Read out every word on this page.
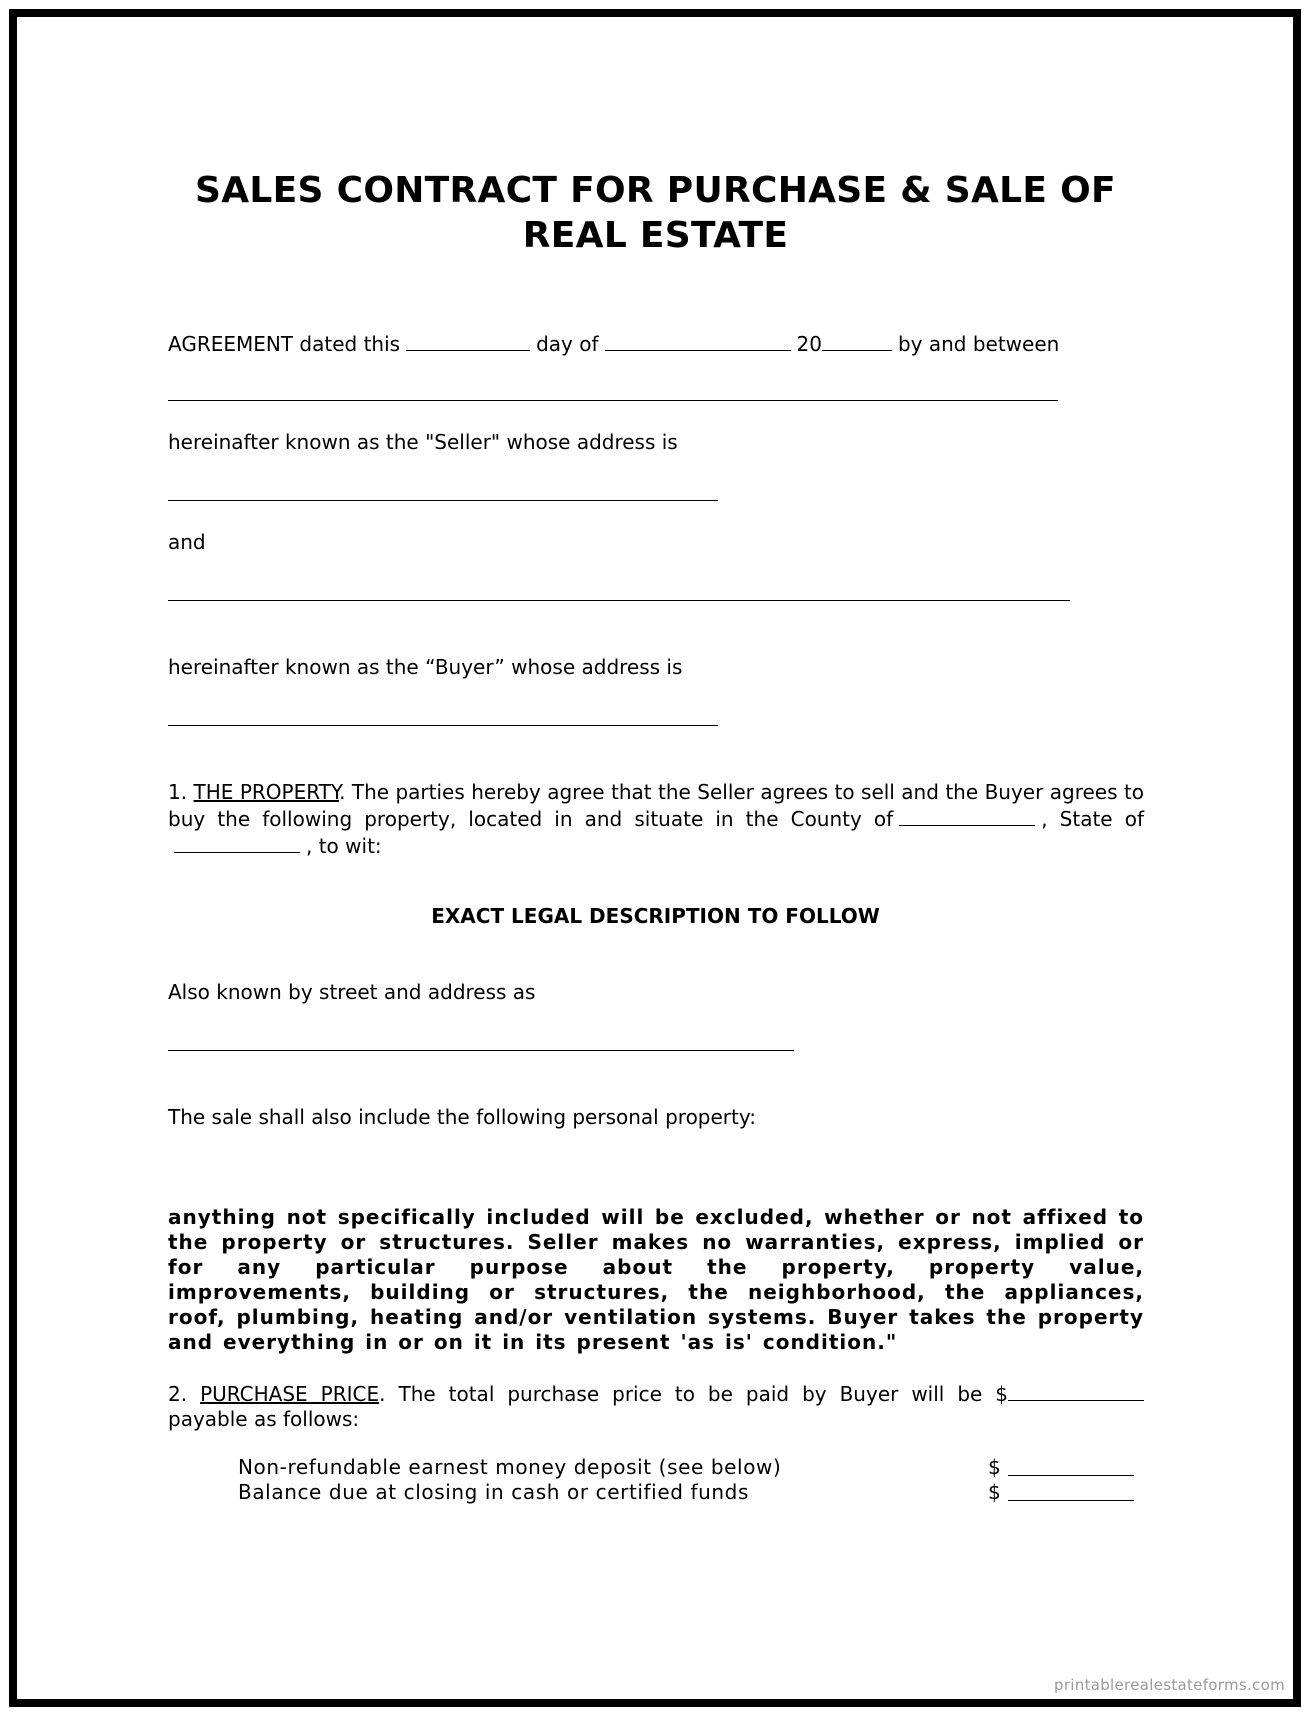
SALES CONTRACT FOR PURCHASE & SALE OF
REAL ESTATE
AGREEMENT dated this	day of	20	by and between
hereinafter known as the "Seller" whose address is
and
hereinafter known as the “Buyer” whose address is
1. THE PROPERTY. The parties hereby agree that the Seller agrees to sell and the Buyer agrees to buy the following property, located in and situate in the County of	, State of, to wit:
EXACT LEGAL DESCRIPTION TO FOLLOW
Also known by street and address as
The sale shall also include the following personal property:
anything not specifically included will be excluded, whether or not affixed to the property or structures. Seller makes no warranties, express, implied or for any particular purpose about the property, property value, improvements, building or structures, the neighborhood, the appliances, roof, plumbing, heating and/or ventilation systems. Buyer takes the property and everything in or on it in its present 'as is' condition."
2. PURCHASE PRICE. The total purchase price to be paid by Buyer will be $
payable as follows:
Non-refundable earnest money deposit (see below)	$
Balance due at closing in cash or certified funds	$
printablerealestateforms.com
